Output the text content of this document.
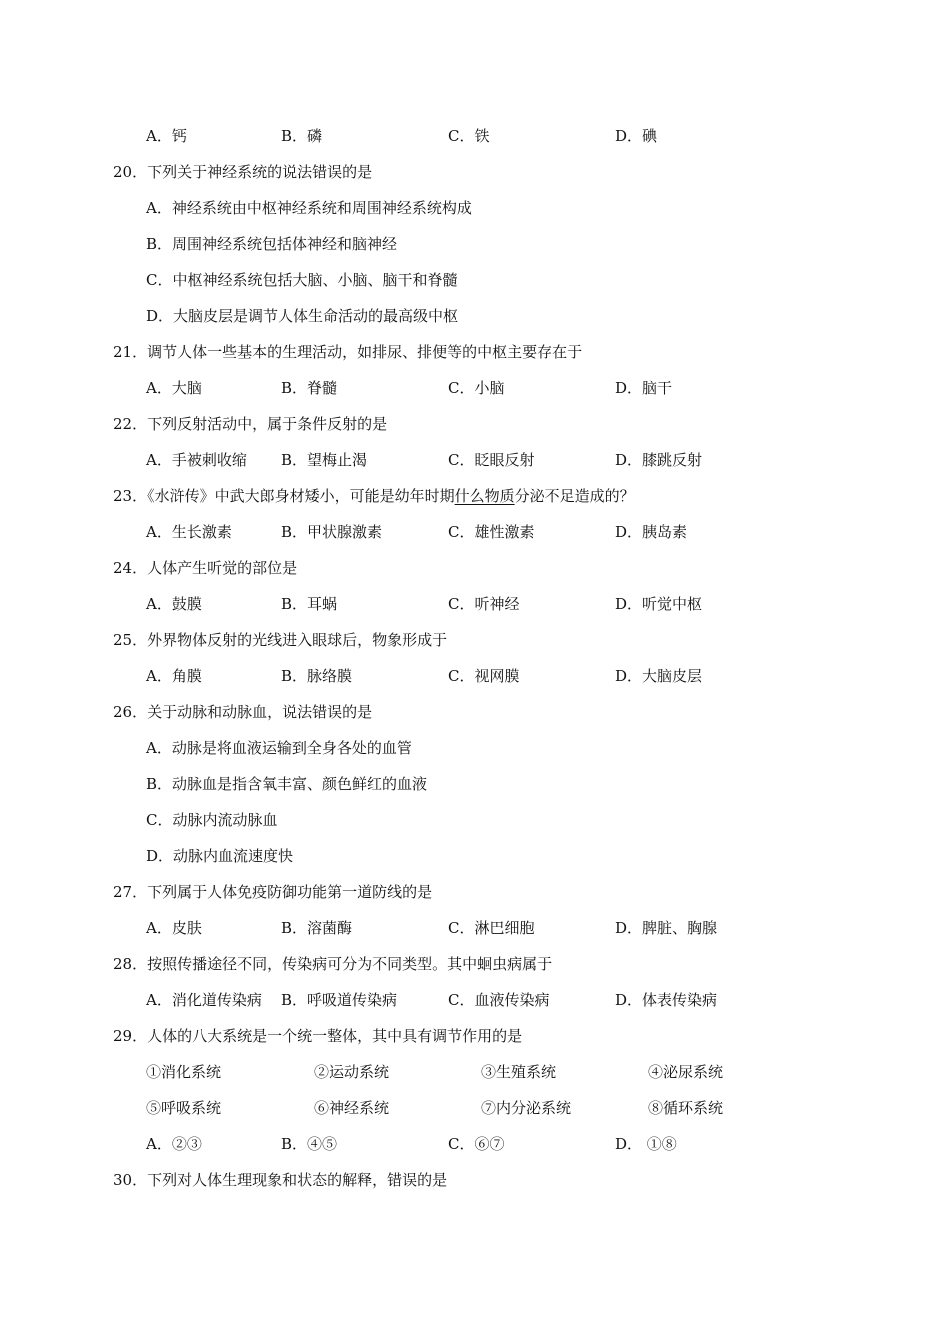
A．钙	B．磷	C．铁	D．碘
20．下列关于神经系统的说法错误的是
A．神经系统由中枢神经系统和周围神经系统构成
B．周围神经系统包括体神经和脑神经
C．中枢神经系统包括大脑、小脑、脑干和脊髓
D．大脑皮层是调节人体生命活动的最高级中枢
21．调节人体一些基本的生理活动，如排尿、排便等的中枢主要存在于
A．大脑	B．脊髓	C．小脑	D．脑干
22．下列反射活动中，属于条件反射的是
A．手被刺收缩 B．望梅止渴	C．眨眼反射	D．膝跳反射
23．《水浒传》中武大郎身材矮小，可能是幼年时期什么物质分泌不足造成的？
A．生长激素	B．甲状腺激素	C．雄性激素	D．胰岛素
24．人体产生听觉的部位是
A．鼓膜	B．耳蜗	C．听神经	D．听觉中枢
25．外界物体反射的光线进入眼球后，物象形成于
A．角膜	B．脉络膜	C．视网膜	D．大脑皮层
26．关于动脉和动脉血，说法错误的是
A．动脉是将血液运输到全身各处的血管
B．动脉血是指含氧丰富、颜色鲜红的血液
C．动脉内流动脉血
D．动脉内血流速度快
27．下列属于人体免疫防御功能第一道防线的是
A．皮肤	B．溶菌酶	C．淋巴细胞	D．脾脏、胸腺
28．按照传播途径不同，传染病可分为不同类型。其中蛔虫病属于
A．消化道传染病 B．呼吸道传染病	C．血液传染病	D．体表传染病
29．人体的八大系统是一个统一整体，其中具有调节作用的是
①消化系统	②运动系统	③生殖系统	④泌尿系统
⑤呼吸系统	⑥神经系统	⑦内分泌系统	⑧循环系统
A．②③	B．④⑤	C．⑥⑦	D． ①⑧
30．下列对人体生理现象和状态的解释，错误的是
